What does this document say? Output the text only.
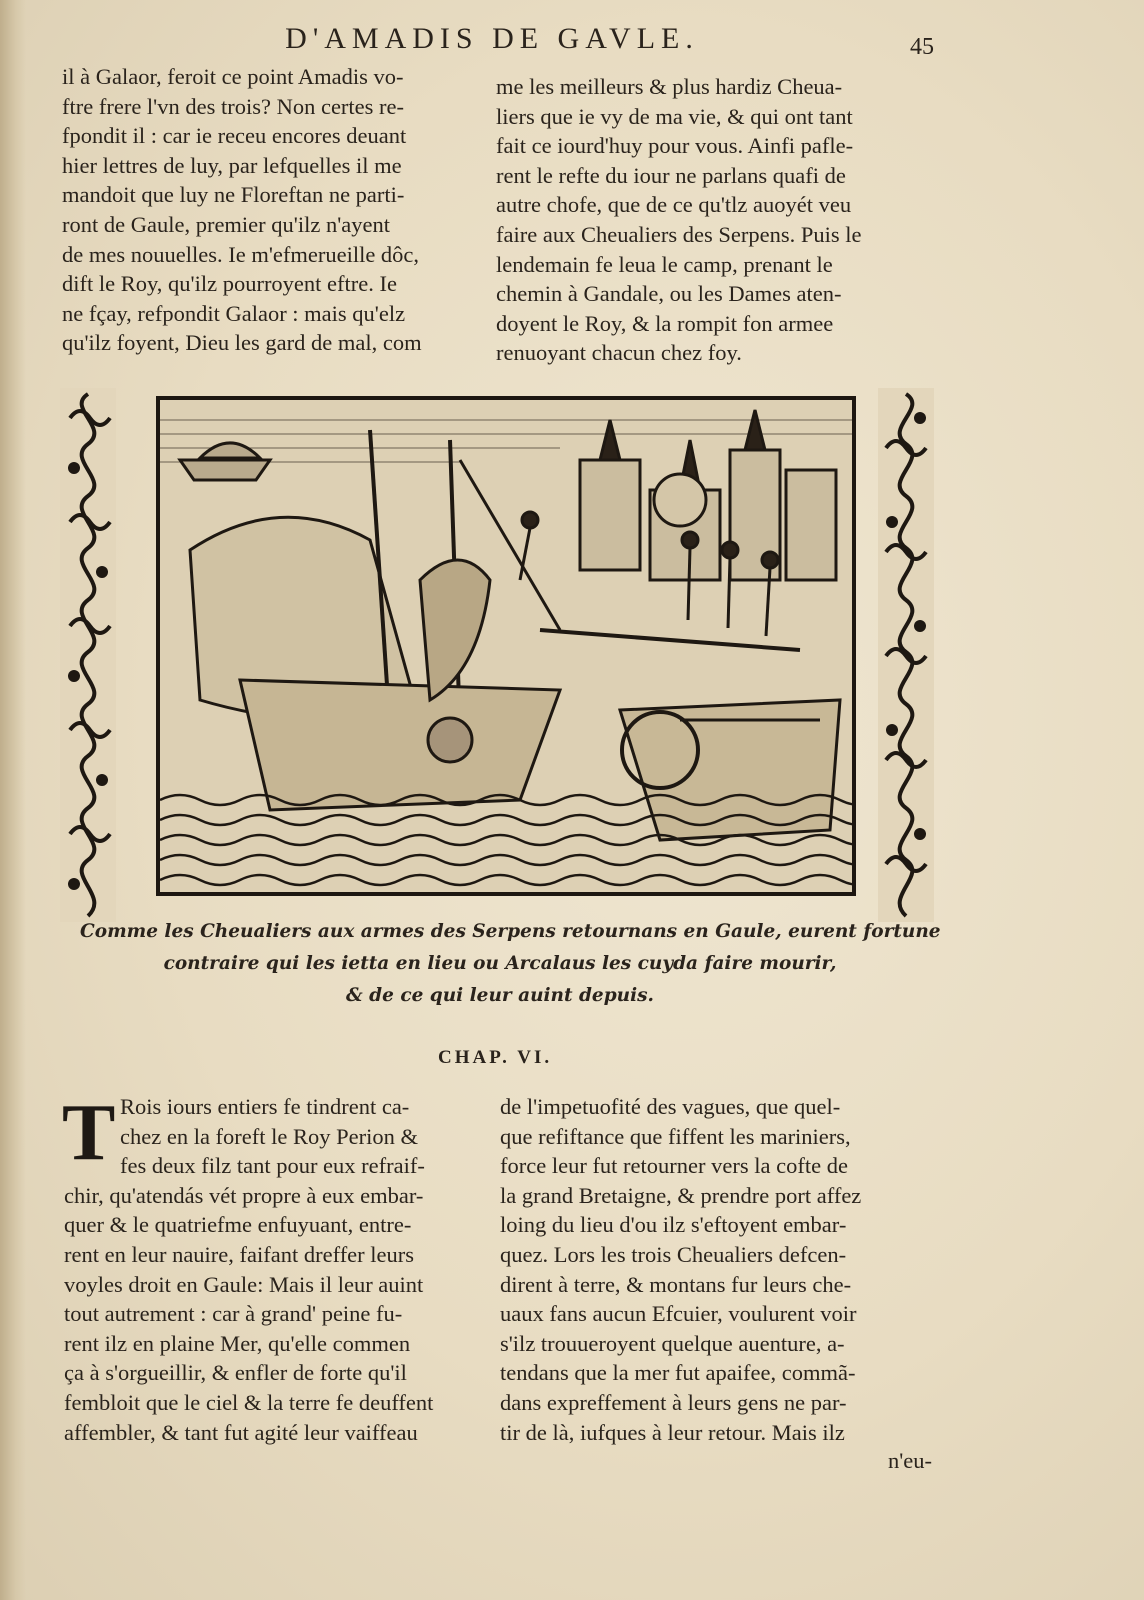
D'AMADIS DE GAVLE.	45
il à Galaor, feroit ce point Amadis vo-
ftre frere l'vn des trois? Non certes re-
fpondit il : car ie receu encores deuant
hier lettres de luy, par lefquelles il me
mandoit que luy ne Floreftan ne parti-
ront de Gaule, premier qu'ilz n'ayent
de mes nouuelles. Ie m'efmerueille dôc,
dift le Roy, qu'ilz pourroyent eftre. Ie
ne fçay, refpondit Galaor : mais qu'elz
qu'ilz foyent, Dieu les gard de mal, com
me les meilleurs & plus hardiz Cheua-
liers que ie vy de ma vie, & qui ont tant
fait ce iourd'huy pour vous. Ainfi pafle-
rent le refte du iour ne parlans quafi de
autre chofe, que de ce qu'tlz auoyét veu
faire aux Cheualiers des Serpens. Puis le
lendemain fe leua le camp, prenant le
chemin à Gandale, ou les Dames aten-
doyent le Roy, & la rompit fon armee
renuoyant chacun chez foy.
Comme les Cheualiers aux armes des Serpens retournans en Gaule, eurent fortune
contraire qui les ietta en lieu ou Arcalaus les cuyda faire mourir,
& de ce qui leur auint depuis.
CHAP. VI.
T Rois iours entiers fe tindrent ca-
chez en la foreft le Roy Perion &
fes deux filz tant pour eux refraif-
chir, qu'atendás vét propre à eux embar-
quer & le quatriefme enfuyuant, entre-
rent en leur nauire, faifant dreffer leurs
voyles droit en Gaule: Mais il leur auint
tout autrement : car à grand' peine fu-
rent ilz en plaine Mer, qu'elle commen
ça à s'orgueillir, & enfler de forte qu'il
fembloit que le ciel & la terre fe deuffent
affembler, & tant fut agité leur vaiffeau
de l'impetuofité des vagues, que quel-
que refiftance que fiffent les mariniers,
force leur fut retourner vers la cofte de
la grand Bretaigne, & prendre port affez
loing du lieu d'ou ilz s'eftoyent embar-
quez. Lors les trois Cheualiers defcen-
dirent à terre, & montans fur leurs che-
uaux fans aucun Efcuier, voulurent voir
s'ilz trouueroyent quelque auenture, a-
tendans que la mer fut apaifee, commã-
dans expreffement à leurs gens ne par-
tir de là, iufques à leur retour. Mais ilz
n'eu-
